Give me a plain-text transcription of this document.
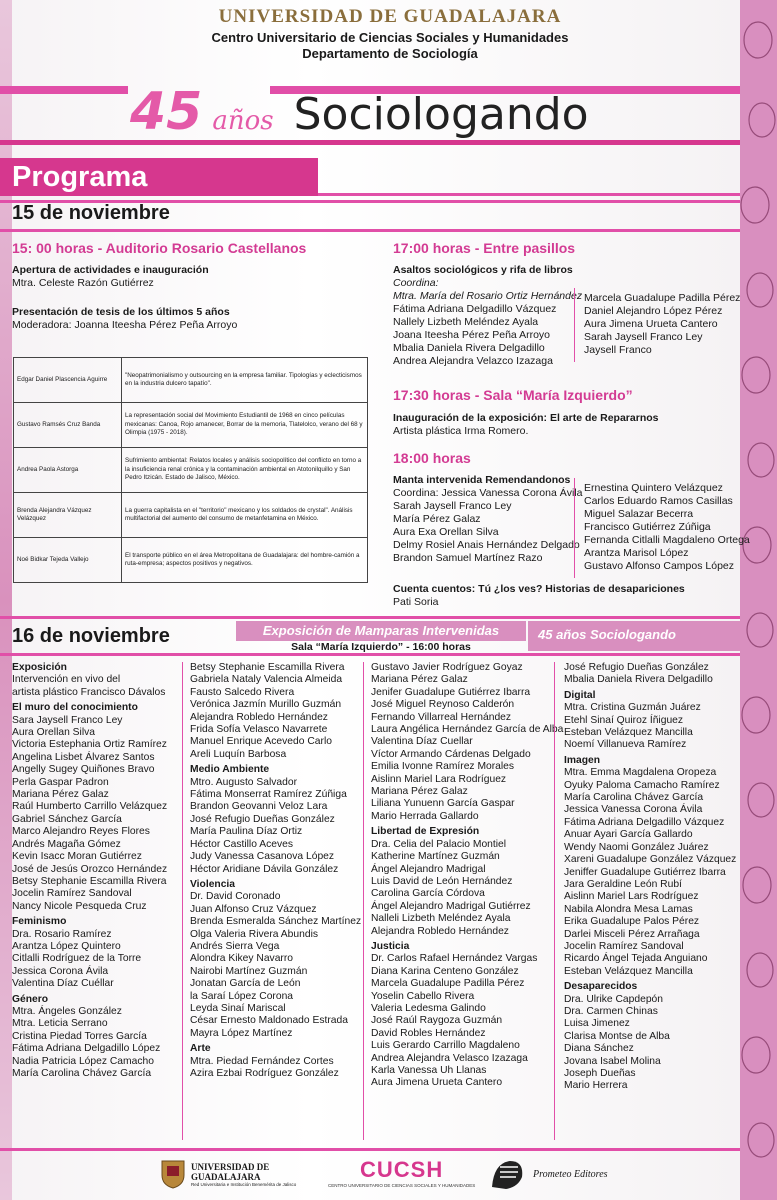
UNIVERSIDAD DE GUADALAJARA
Centro Universitario de Ciencias Sociales y Humanidades
Departamento de Sociología
45 años Sociologando
Programa
15 de noviembre
15: 00 horas - Auditorio Rosario Castellanos
Apertura de actividades e inauguración
Mtra. Celeste Razón Gutiérrez
Presentación de tesis de los últimos 5 años
Moderadora: Joanna Iteesha Pérez Peña Arroyo
Edgar Daniel Plascencia Aguirre	"Neopatrimonialismo y outsourcing en la empresa familiar. Tipologías y eclecticismos en la industria dulcero tapatío".
Gustavo Ramsés Cruz Banda	La representación social del Movimiento Estudiantil de 1968 en cinco películas mexicanas: Canoa, Rojo amanecer, Borrar de la memoria, Tlatelolco, verano del 68 y Olimpia (1975 - 2018).
Andrea Paola Astorga	Sufrimiento ambiental: Relatos locales y análisis sociopolítico del conflicto en torno a la insuficiencia renal crónica y la contaminación ambiental en Atotonilquillo y San Pedro Itzicán. Estado de Jalisco, México.
Brenda Alejandra Vázquez Velázquez	La guerra capitalista en el "territorio" mexicano y los soldados de crystal". Análisis multifactorial del aumento del consumo de metanfetamina en México.
Noé Bidkar Tejeda Vallejo	El transporte público en el área Metropolitana de Guadalajara: del hombre-camión a ruta-empresa; aspectos positivos y negativos.
17:00 horas - Entre pasillos
Asaltos sociológicos y rifa de libros
Coordina:
Mtra. María del Rosario Ortiz Hernández
Fátima Adriana Delgadillo Vázquez
Nallely Lizbeth Meléndez Ayala
Joana Iteesha Pérez Peña Arroyo
Mbalia Daniela Rivera Delgadillo
Andrea Alejandra Velazco Izazaga
Marcela Guadalupe Padilla Pérez
Daniel Alejandro López Pérez
Aura Jimena Urueta Cantero
Sarah Jaysell Franco Ley
Jaysell Franco
17:30 horas - Sala “María Izquierdo”
Inauguración de la exposición: El arte de Repararnos
Artista plástica Irma Romero.
18:00 horas
Manta intervenida Remendandonos
Coordina: Jessica Vanessa Corona Ávila
Sarah Jaysell Franco Ley
María Pérez Galaz
Aura Exa Orellan Silva
Delmy Rosiel Anais Hernández Delgado
Brandon Samuel Martínez Razo
Ernestina Quintero Velázquez
Carlos Eduardo Ramos Casillas
Miguel Salazar Becerra
Francisco Gutiérrez Zúñiga
Fernanda Citlalli Magdaleno Ortega
Arantza Marisol López
Gustavo Alfonso Campos López
Cuenta cuentos: Tú ¿los ves? Historias de desapariciones
Pati Soria
16 de noviembre	Exposición de Mamparas Intervenidas
Sala “María Izquierdo” - 16:00 horas
45 años Sociologando
Exposición
Intervención en vivo del
artista plástico Francisco Dávalos
El muro del conocimiento
Sara Jaysell Franco Ley
Aura Orellan Silva
Victoria Estephania Ortiz Ramírez
Angelina Lisbet Álvarez Santos
Angelly Sugey Quiñones Bravo
Perla Gaspar Padron
Mariana Pérez Galaz
Raúl Humberto Carrillo Velázquez
Gabriel Sánchez García
Marco Alejandro Reyes Flores
Andrés Magaña Gómez
Kevin Isacc Moran Gutiérrez
José de Jesús Orozco Hernández
Betsy Stephanie Escamilla Rivera
Jocelin Ramírez Sandoval
Nancy Nicole Pesqueda Cruz
Feminismo
Dra. Rosario Ramírez
Arantza López Quintero
Citlalli Rodríguez de la Torre
Jessica Corona Ávila
Valentina Díaz Cuéllar
Género
Mtra. Ángeles González
Mtra. Leticia Serrano
Cristina Piedad Torres García
Fátima Adriana Delgadillo López
Nadia Patricia López Camacho
María Carolina Chávez García
Betsy Stephanie Escamilla Rivera
Gabriela Nataly Valencia Almeida
Fausto Salcedo Rivera
Verónica Jazmín Murillo Guzmán
Alejandra Robledo Hernández
Frida Sofía Velasco Navarrete
Manuel Enrique Acevedo Carlo
Areli Luquín Barbosa
Medio Ambiente
Mtro. Augusto Salvador
Fátima Monserrat Ramírez Zúñiga
Brandon Geovanni Veloz Lara
José Refugio Dueñas González
María Paulina Díaz Ortiz
Héctor Castillo Aceves
Judy Vanessa Casanova López
Héctor Aridiane Dávila González
Violencia
Dr. David Coronado
Juan Alfonso Cruz Vázquez
Brenda Esmeralda Sánchez Martínez
Olga Valeria Rivera Abundis
Andrés Sierra Vega
Alondra Kikey Navarro
Nairobi Martínez Guzmán
Jonatan García de León
la Saraí López Corona
Leyda Sinaí Mariscal
César Ernesto Maldonado Estrada
Mayra López Martínez
Arte
Mtra. Piedad Fernández Cortes
Azira Ezbai Rodríguez González
Gustavo Javier Rodríguez Goyaz
Mariana Pérez Galaz
Jenifer Guadalupe Gutiérrez Ibarra
José Miguel Reynoso Calderón
Fernando Villarreal Hernández
Laura Angélica Hernández García de Alba
Valentina Díaz Cuellar
Víctor Armando Cárdenas Delgado
Emilia Ivonne Ramírez Morales
Aislinn Mariel Lara Rodríguez
Mariana Pérez Galaz
Liliana Yunuenn García Gaspar
Mario Herrada Gallardo
Libertad de Expresión
Dra. Celia del Palacio Montiel
Katherine Martínez Guzmán
Ángel Alejandro Madrigal
Luis David de León Hernández
Carolina García Córdova
Ángel Alejandro Madrigal Gutiérrez
Nalleli Lizbeth Meléndez Ayala
Alejandra Robledo Hernández
Justicia
Dr. Carlos Rafael Hernández Vargas
Diana Karina Centeno González
Marcela Guadalupe Padilla Pérez
Yoselin Cabello Rivera
Valeria Ledesma Galindo
José Raúl Raygoza Guzmán
David Robles Hernández
Luis Gerardo Carrillo Magdaleno
Andrea Alejandra Velasco Izazaga
Karla Vanessa Uh Llanas
Aura Jimena Urueta Cantero
José Refugio Dueñas González
Mbalia Daniela Rivera Delgadillo
Digital
Mtra. Cristina Guzmán Juárez
Etehl Sinaí Quiroz Íñiguez
Esteban Velázquez Mancilla
Noemí Villanueva Ramírez
Imagen
Mtra. Emma Magdalena Oropeza
Oyuky Paloma Camacho Ramírez
María Carolina Chávez García
Jessica Vanessa Corona Ávila
Fátima Adriana Delgadillo Vázquez
Anuar Ayari García Gallardo
Wendy Naomi González Juárez
Xareni Guadalupe González Vázquez
Jeniffer Guadalupe Gutiérrez Ibarra
Jara Geraldine León Rubí
Aislinn Mariel Lars Rodríguez
Nabila Alondra Mesa Lamas
Erika Guadalupe Palos Pérez
Darlei Misceli Pérez Arrañaga
Jocelin Ramírez Sandoval
Ricardo Ángel Tejada Anguiano
Esteban Velázquez Mancilla
Desaparecidos
Dra. Ulrike Capdepón
Dra. Carmen Chinas
Luisa Jimenez
Clarisa Montse de Alba
Diana Sánchez
Jovana Isabel Molina
Joseph Dueñas
Mario Herrera
UNIVERSIDAD DE
GUADALAJARA
Red Universitaria e Institución Benemérita de Jalisco
CUCSH
CENTRO UNIVERSITARIO DE CIENCIAS SOCIALES Y HUMANIDADES
Prometeo Editores
